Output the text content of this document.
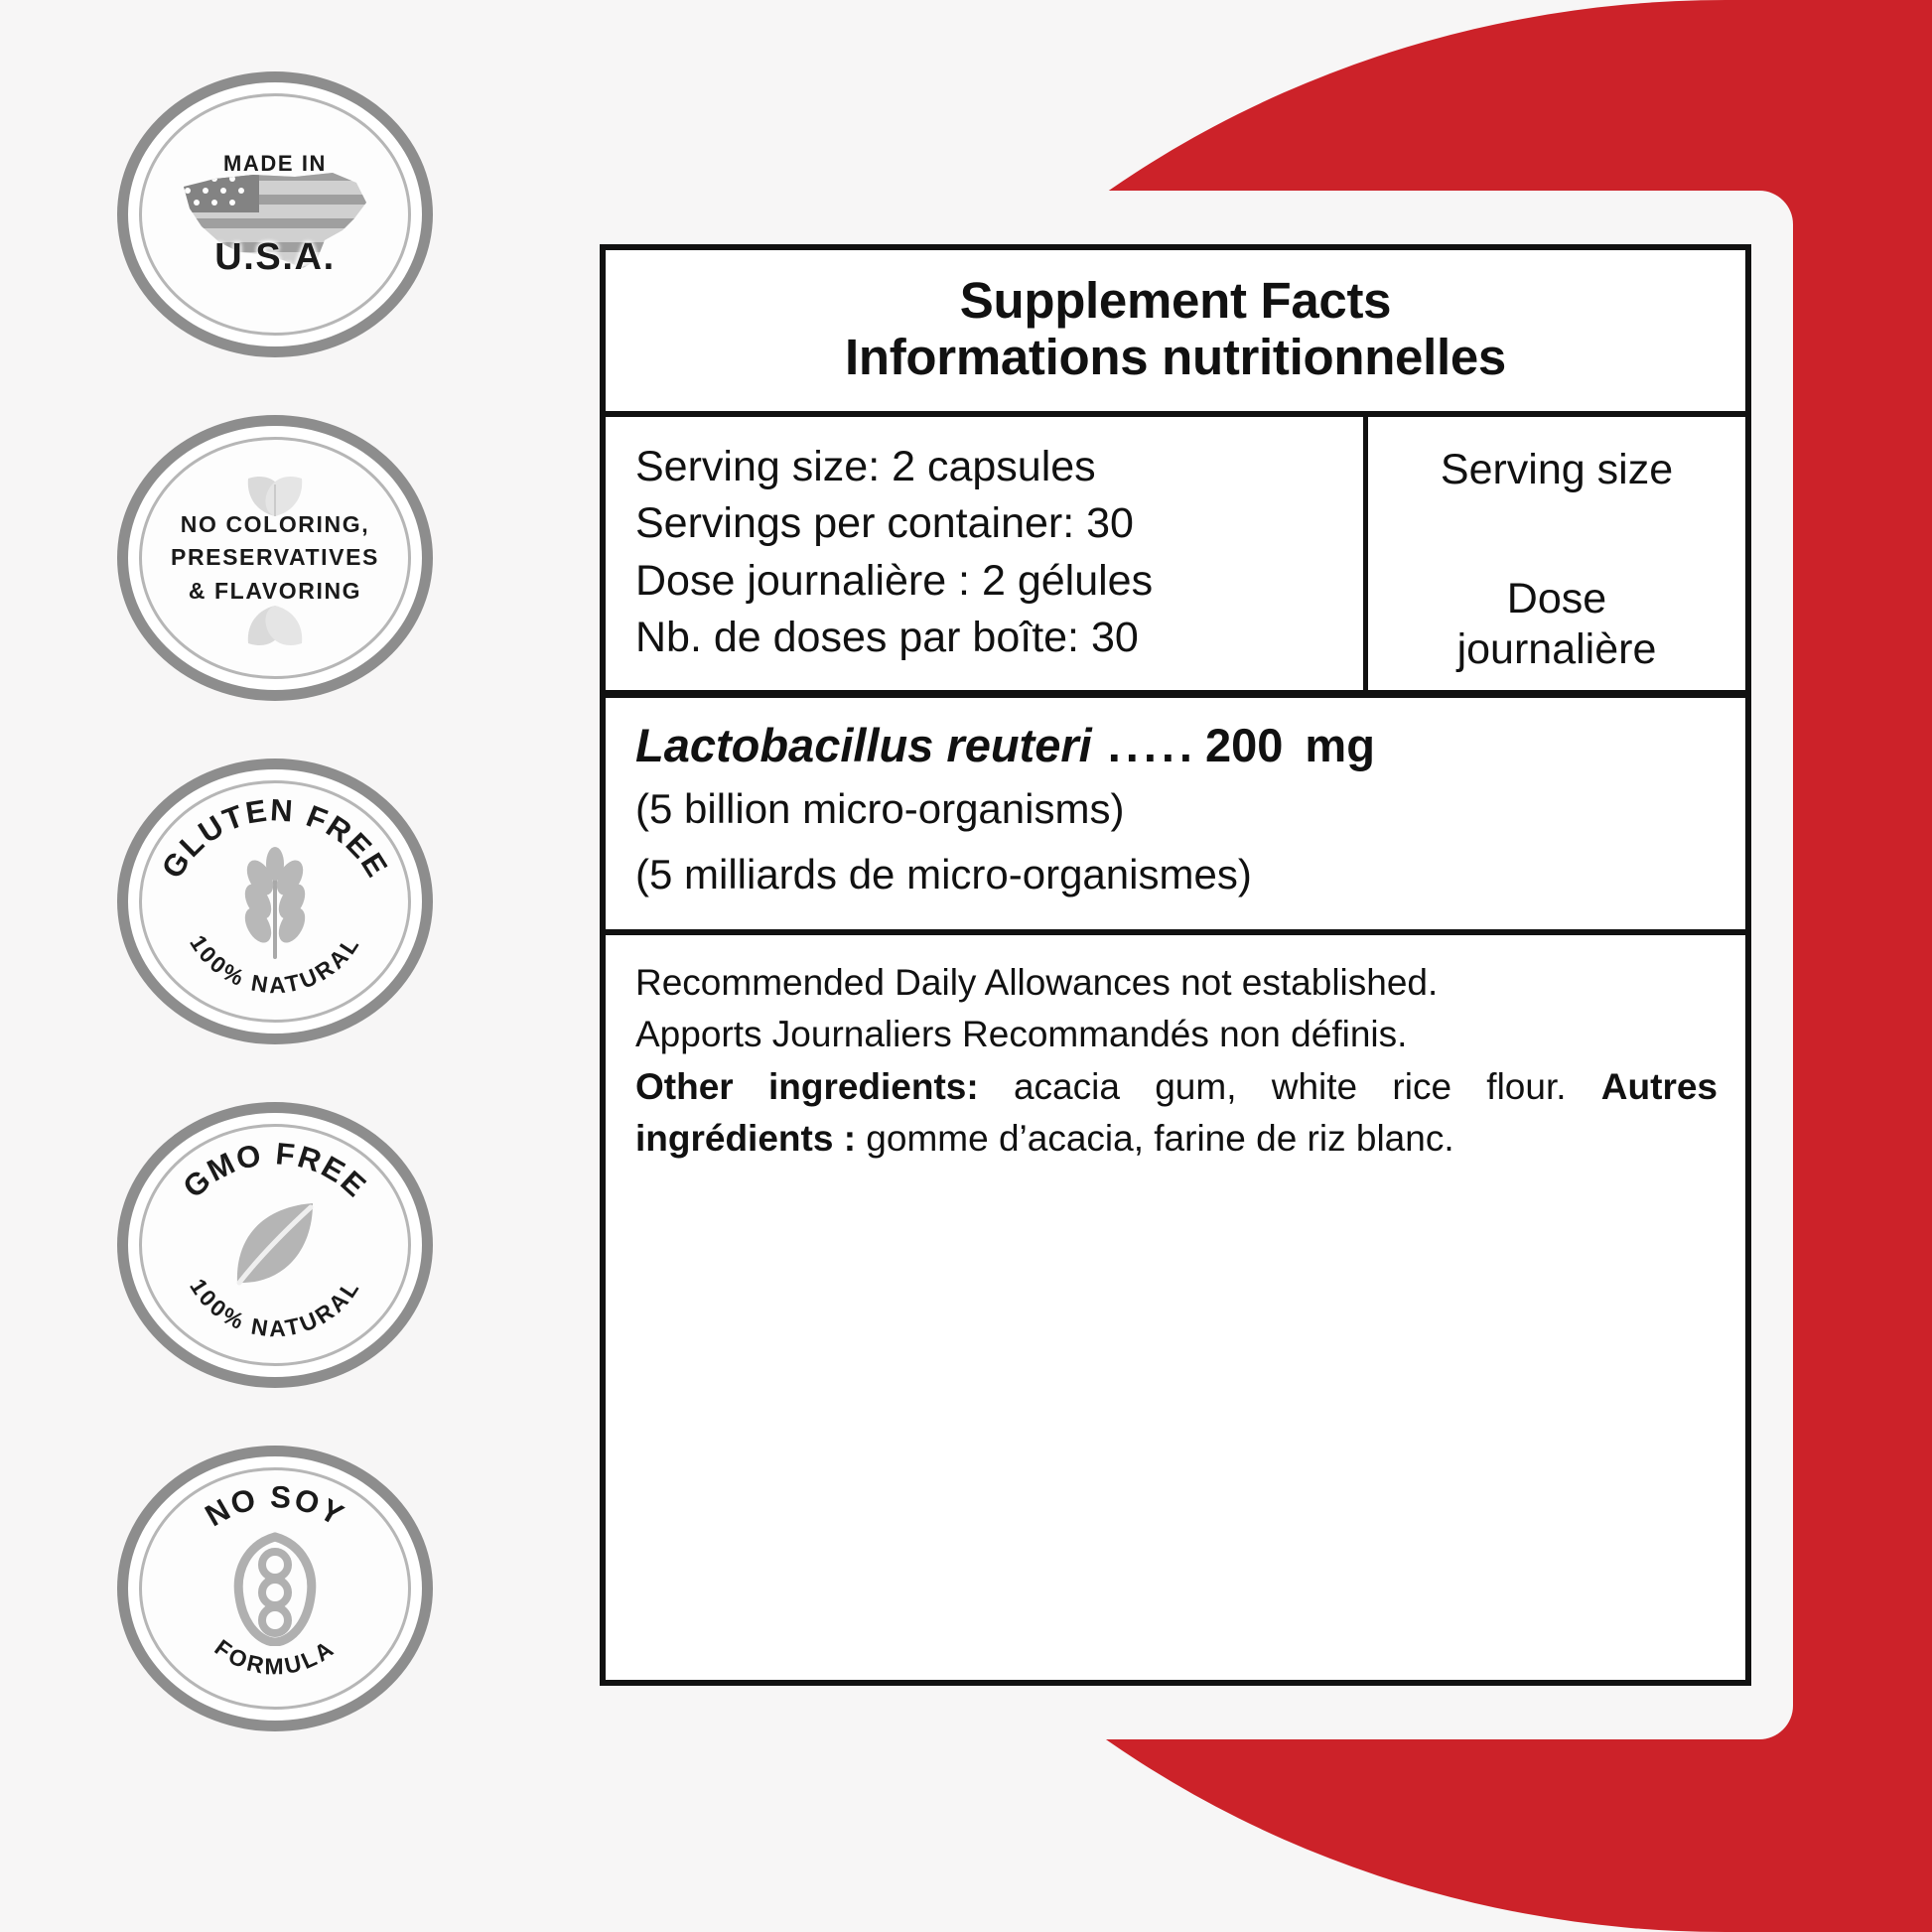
MADE IN
U.S.A.
NO COLORING,
PRESERVATIVES
& FLAVORING
GLUTEN FREE
100% NATURAL
GMO FREE
100% NATURAL
NO SOY
FORMULA
Supplement Facts
Informations nutritionnelles
Serving size: 2 capsules
Servings per container: 30
Dose journalière : 2 gélules
Nb. de doses par boîte: 30
Serving size
Dose
journalière
Lactobacillus reuteri ..... 200 mg
(5 billion micro-organisms)
(5 milliards de micro-organismes)
Recommended Daily Allowances not established.
Apports Journaliers Recommandés non définis.
Other ingredients: acacia gum, white rice flour. Autres ingrédients : gomme d’acacia, farine de riz blanc.
